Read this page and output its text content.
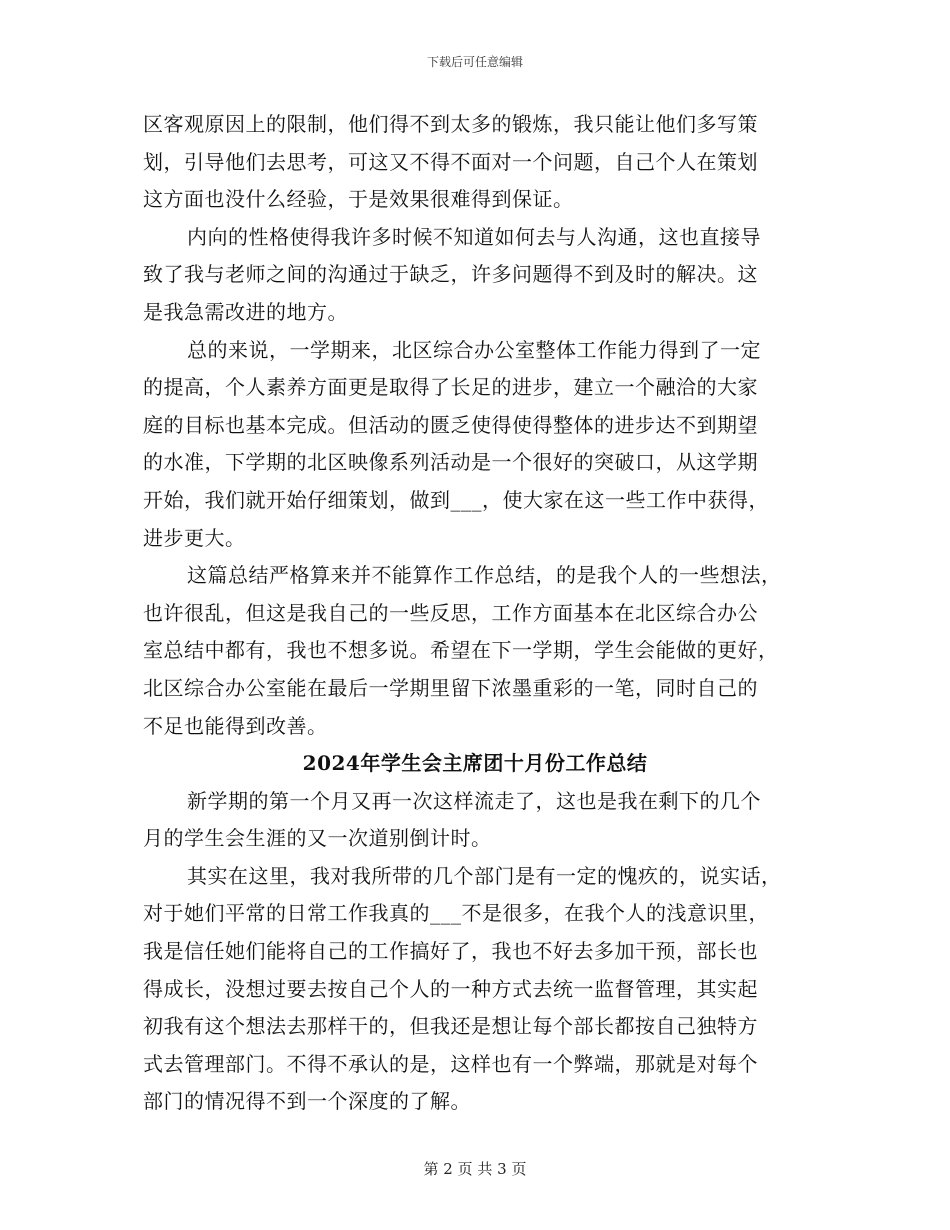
下载后可任意编辑
区客观原因上的限制，他们得不到太多的锻炼，我只能让他们多写策
划，引导他们去思考，可这又不得不面对一个问题，自己个人在策划
这方面也没什么经验，于是效果很难得到保证。
内向的性格使得我许多时候不知道如何去与人沟通，这也直接导
致了我与老师之间的沟通过于缺乏，许多问题得不到及时的解决。这
是我急需改进的地方。
总的来说，一学期来，北区综合办公室整体工作能力得到了一定
的提高，个人素养方面更是取得了长足的进步，建立一个融洽的大家
庭的目标也基本完成。但活动的匮乏使得使得整体的进步达不到期望
的水准，下学期的北区映像系列活动是一个很好的突破口，从这学期
开始，我们就开始仔细策划，做到___，使大家在这一些工作中获得，
进步更大。
这篇总结严格算来并不能算作工作总结，的是我个人的一些想法，
也许很乱，但这是我自己的一些反思，工作方面基本在北区综合办公
室总结中都有，我也不想多说。希望在下一学期，学生会能做的更好，
北区综合办公室能在最后一学期里留下浓墨重彩的一笔，同时自己的
不足也能得到改善。
2024年学生会主席团十月份工作总结
新学期的第一个月又再一次这样流走了，这也是我在剩下的几个
月的学生会生涯的又一次道别倒计时。
其实在这里，我对我所带的几个部门是有一定的愧疚的，说实话，
对于她们平常的日常工作我真的___不是很多，在我个人的浅意识里，
我是信任她们能将自己的工作搞好了，我也不好去多加干预，部长也
得成长，没想过要去按自己个人的一种方式去统一监督管理，其实起
初我有这个想法去那样干的，但我还是想让每个部长都按自己独特方
式去管理部门。不得不承认的是，这样也有一个弊端，那就是对每个
部门的情况得不到一个深度的了解。
第 2 页 共 3 页
